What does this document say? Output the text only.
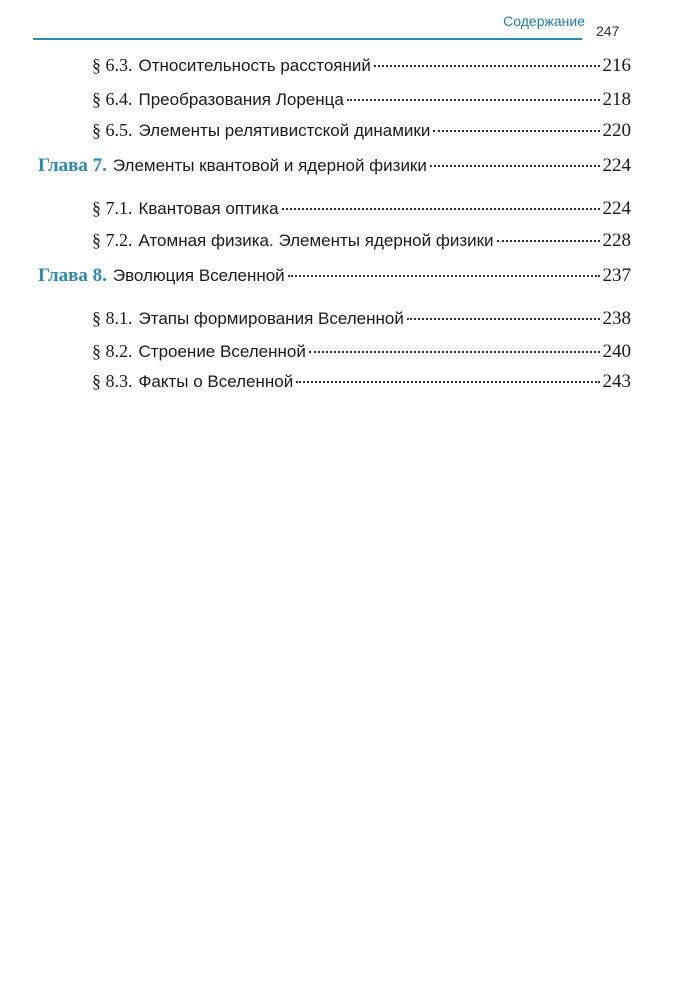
Содержание
247
§ 6.3. Относительность расстояний	216
§ 6.4. Преобразования Лоренца	218
§ 6.5. Элементы релятивистской динамики	220
Глава 7. Элементы квантовой и ядерной физики	224
§ 7.1. Квантовая оптика	224
§ 7.2. Атомная физика. Элементы ядерной физики	228
Глава 8. Эволюция Вселенной	237
§ 8.1. Этапы формирования Вселенной	238
§ 8.2. Строение Вселенной	240
§ 8.3. Факты о Вселенной	243
